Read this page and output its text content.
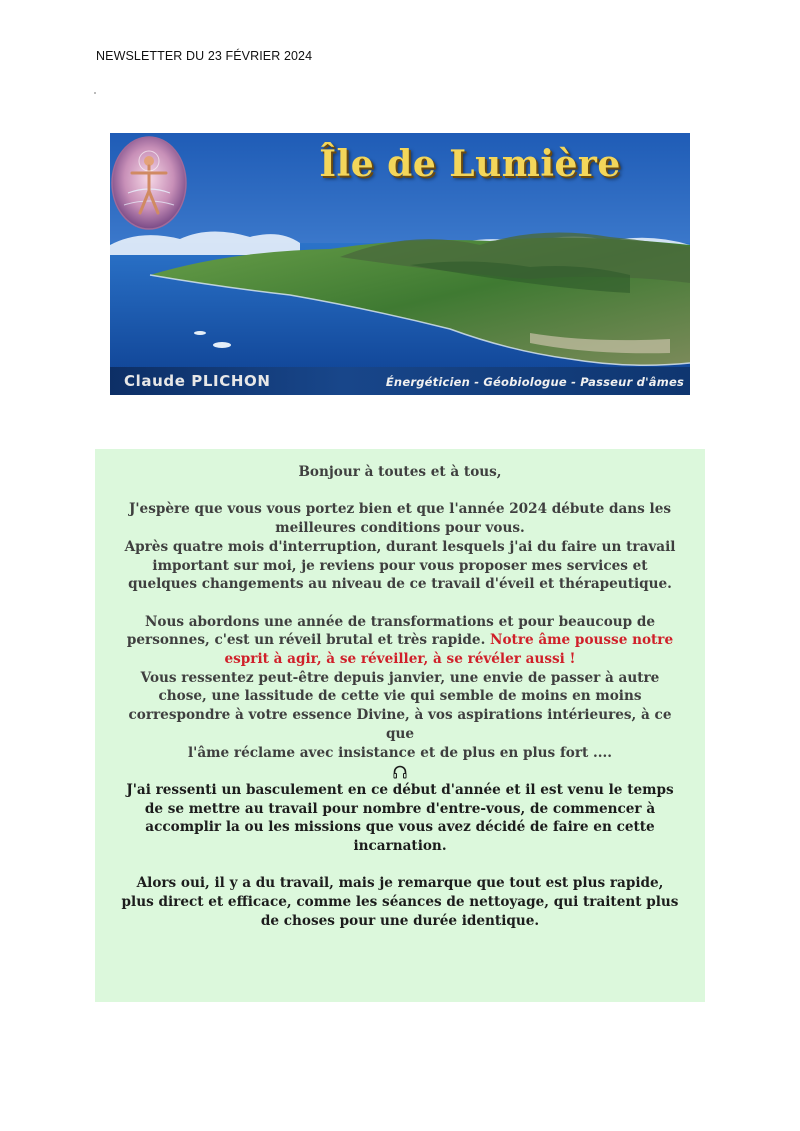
NEWSLETTER DU 23 FÉVRIER 2024
Île de Lumière
Claude PLICHON	Énergéticien - Géobiologue - Passeur d'âmes

Bonjour à toutes et à tous,

J'espère que vous vous portez bien et que l'année 2024 débute dans les

meilleures conditions pour vous.

Après quatre mois d'interruption, durant lesquels j'ai du faire un travail

important sur moi, je reviens pour vous proposer mes services et

quelques changements au niveau de ce travail d'éveil et thérapeutique.

Nous abordons une année de transformations et pour beaucoup de

personnes, c'est un réveil brutal et très rapide. Notre âme pousse notre

esprit à agir, à se réveiller, à se révéler aussi !

Vous ressentez peut-être depuis janvier, une envie de passer à autre

chose, une lassitude de cette vie qui semble de moins en moins

correspondre à votre essence Divine, à vos aspirations intérieures, à ce

que

l'âme réclame avec insistance et de plus en plus fort ....

J'ai ressenti un basculement en ce début d'année et il est venu le temps

de se mettre au travail pour nombre d'entre-vous, de commencer à

accomplir la ou les missions que vous avez décidé de faire en cette

incarnation.

Alors oui, il y a du travail, mais je remarque que tout est plus rapide,

plus direct et efficace, comme les séances de nettoyage, qui traitent plus

de choses pour une durée identique.
